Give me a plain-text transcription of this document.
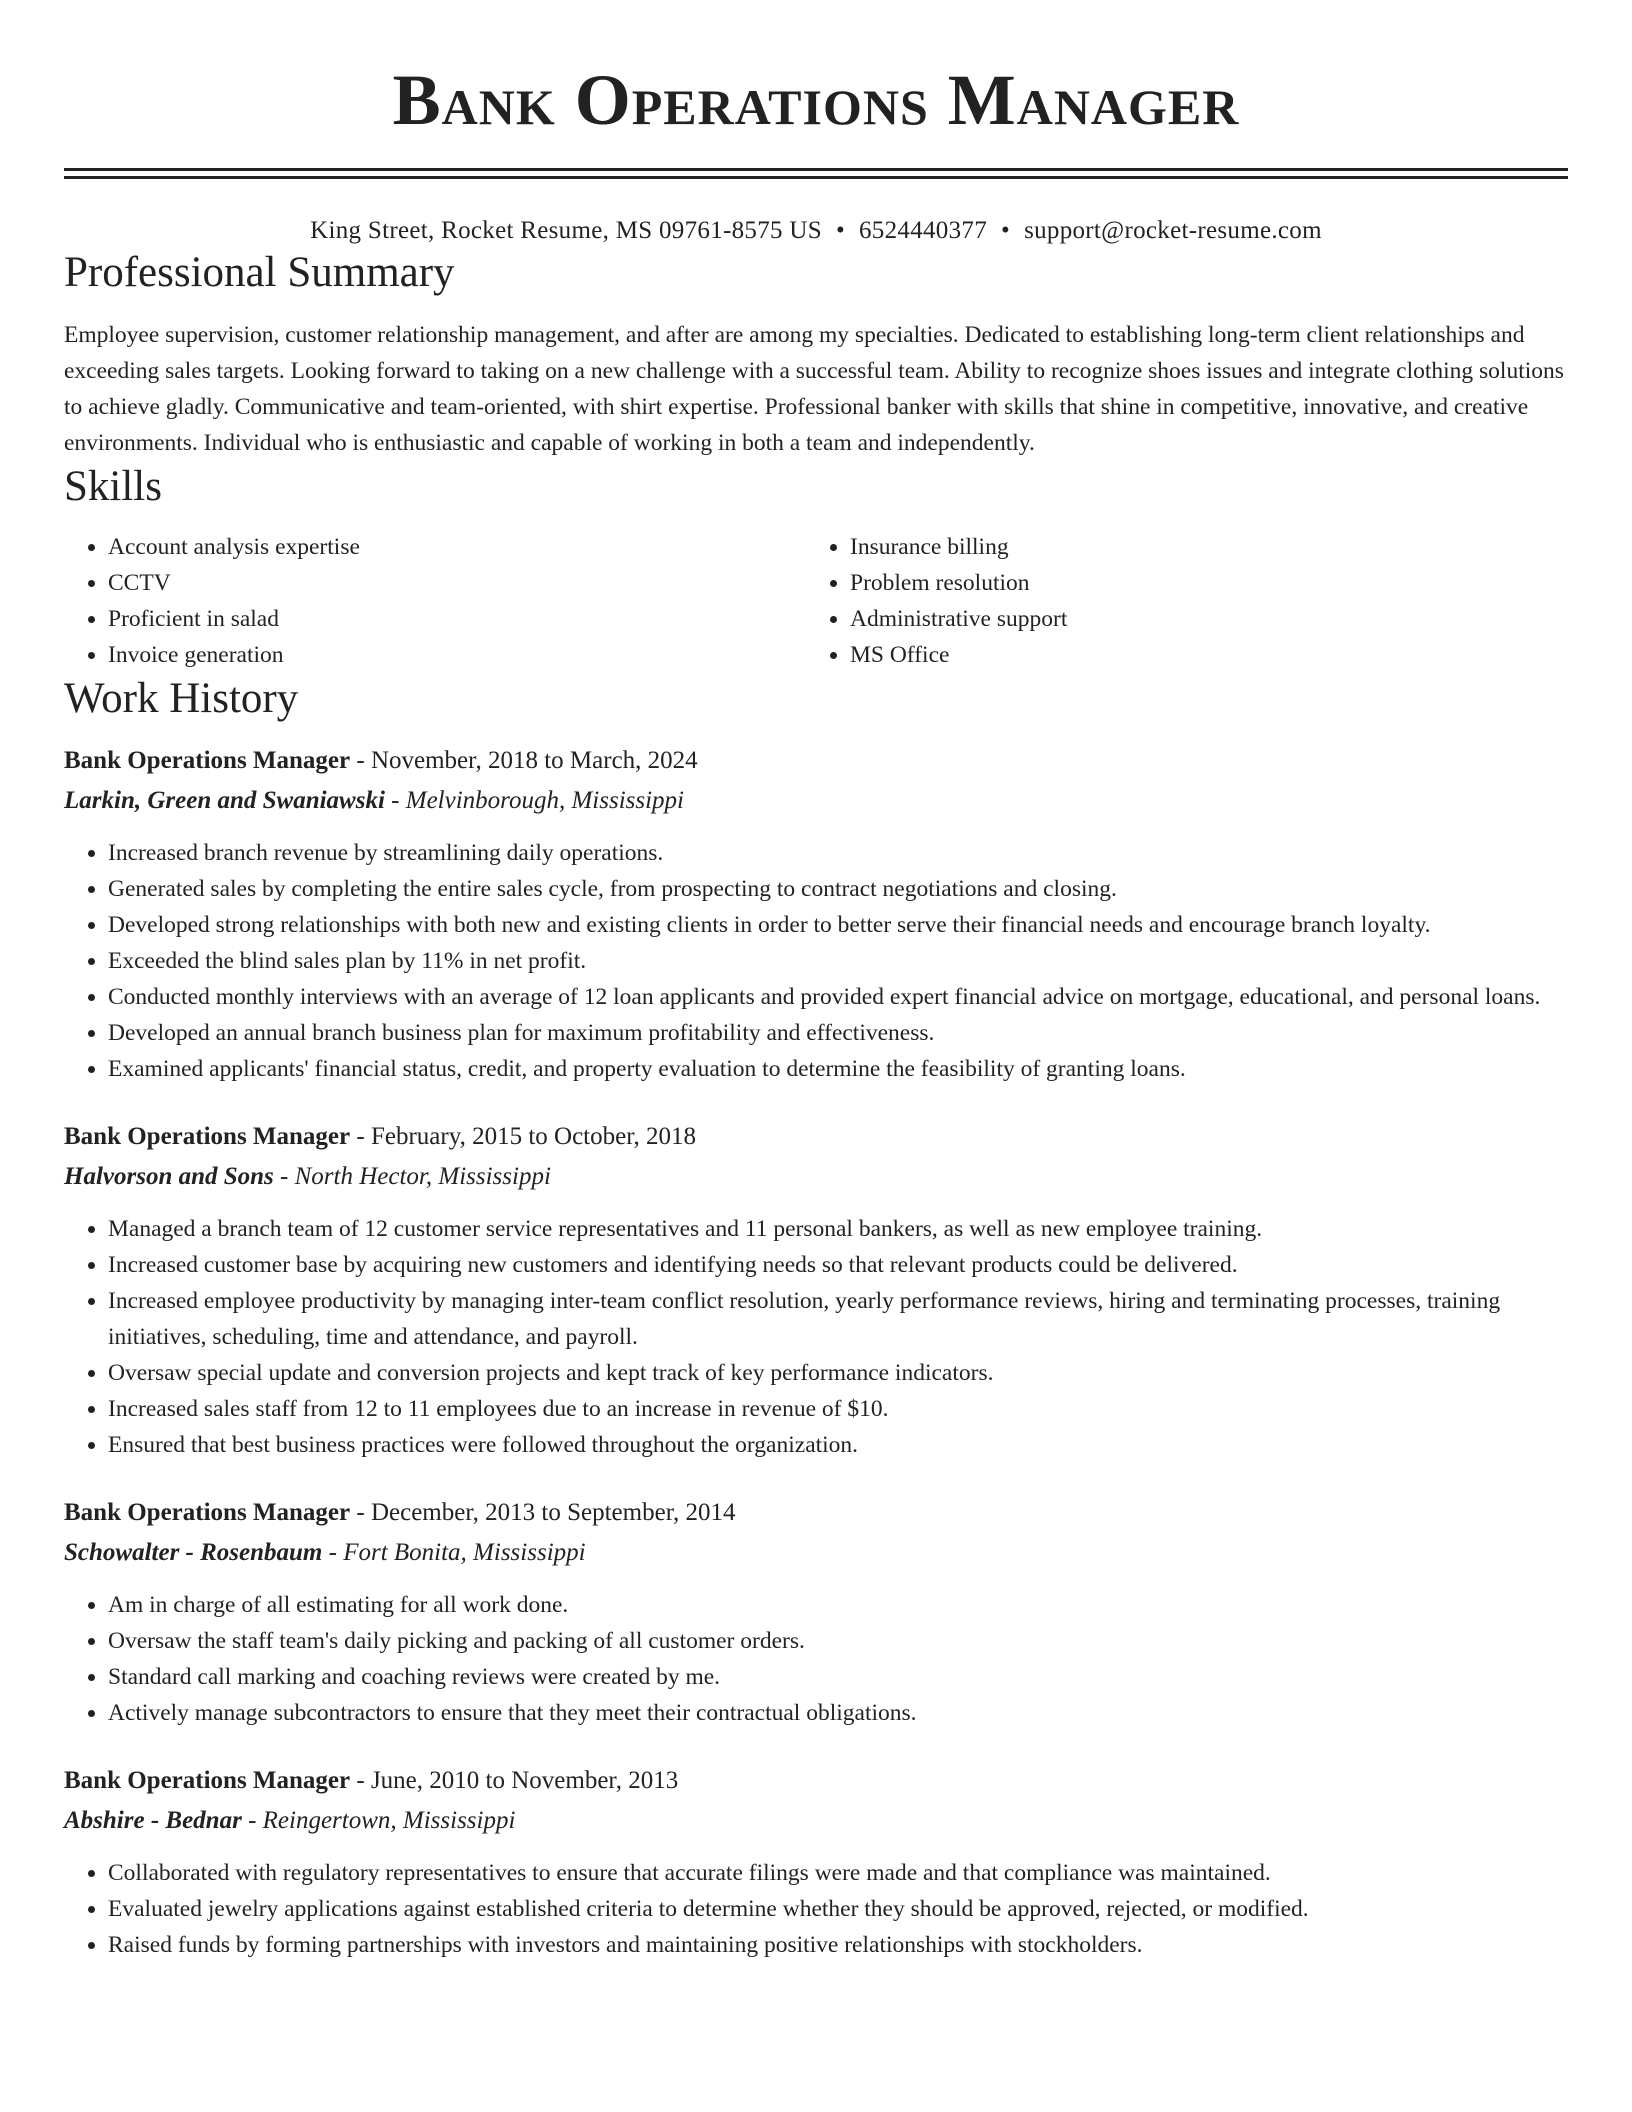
Bank Operations Manager
King Street, Rocket Resume, MS 09761-8575 US • 6524440377 • support@rocket-resume.com
Professional Summary
Employee supervision, customer relationship management, and after are among my specialties. Dedicated to establishing long-term client relationships and exceeding sales targets. Looking forward to taking on a new challenge with a successful team. Ability to recognize shoes issues and integrate clothing solutions to achieve gladly. Communicative and team-oriented, with shirt expertise. Professional banker with skills that shine in competitive, innovative, and creative environments. Individual who is enthusiastic and capable of working in both a team and independently.
Skills
• Account analysis expertise
• CCTV
• Proficient in salad
• Invoice generation
• Insurance billing
• Problem resolution
• Administrative support
• MS Office
Work History
Bank Operations Manager - November, 2018 to March, 2024
Larkin, Green and Swaniawski - Melvinborough, Mississippi
• Increased branch revenue by streamlining daily operations.
• Generated sales by completing the entire sales cycle, from prospecting to contract negotiations and closing.
• Developed strong relationships with both new and existing clients in order to better serve their financial needs and encourage branch loyalty.
• Exceeded the blind sales plan by 11% in net profit.
• Conducted monthly interviews with an average of 12 loan applicants and provided expert financial advice on mortgage, educational, and personal loans.
• Developed an annual branch business plan for maximum profitability and effectiveness.
• Examined applicants' financial status, credit, and property evaluation to determine the feasibility of granting loans.
Bank Operations Manager - February, 2015 to October, 2018
Halvorson and Sons - North Hector, Mississippi
• Managed a branch team of 12 customer service representatives and 11 personal bankers, as well as new employee training.
• Increased customer base by acquiring new customers and identifying needs so that relevant products could be delivered.
• Increased employee productivity by managing inter-team conflict resolution, yearly performance reviews, hiring and terminating processes, training initiatives, scheduling, time and attendance, and payroll.
• Oversaw special update and conversion projects and kept track of key performance indicators.
• Increased sales staff from 12 to 11 employees due to an increase in revenue of $10.
• Ensured that best business practices were followed throughout the organization.
Bank Operations Manager - December, 2013 to September, 2014
Schowalter - Rosenbaum - Fort Bonita, Mississippi
• Am in charge of all estimating for all work done.
• Oversaw the staff team's daily picking and packing of all customer orders.
• Standard call marking and coaching reviews were created by me.
• Actively manage subcontractors to ensure that they meet their contractual obligations.
Bank Operations Manager - June, 2010 to November, 2013
Abshire - Bednar - Reingertown, Mississippi
• Collaborated with regulatory representatives to ensure that accurate filings were made and that compliance was maintained.
• Evaluated jewelry applications against established criteria to determine whether they should be approved, rejected, or modified.
• Raised funds by forming partnerships with investors and maintaining positive relationships with stockholders.
